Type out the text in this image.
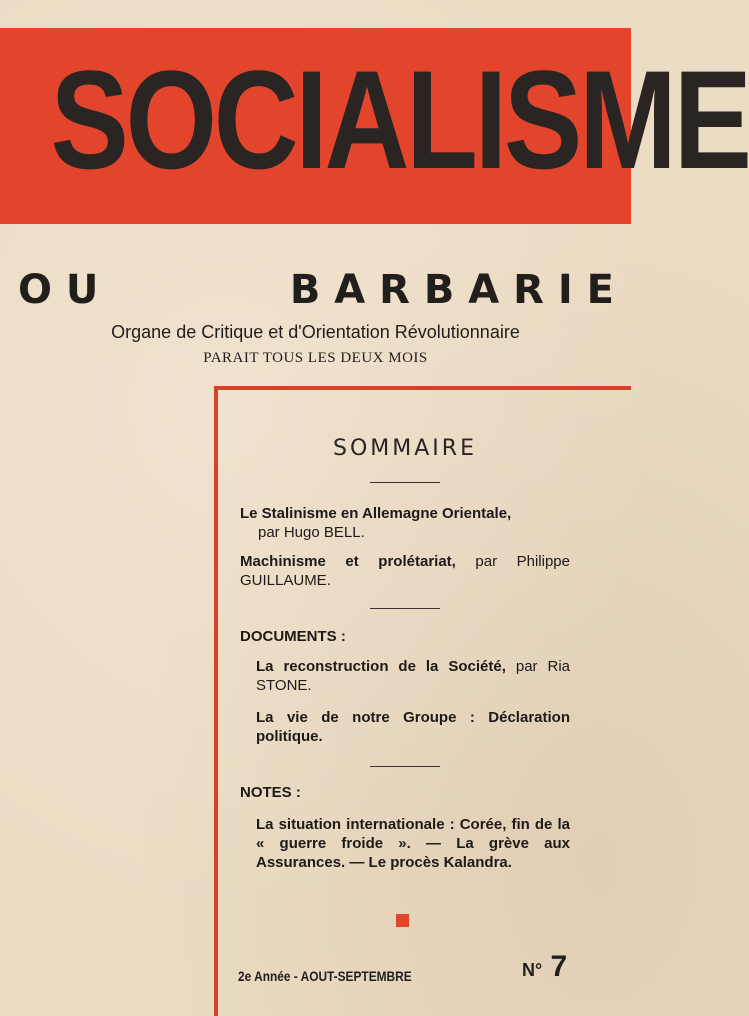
SOCIALISME
O U	B A R B A R I E
Organe de Critique et d'Orientation Révolutionnaire
PARAIT TOUS LES DEUX MOIS
SOMMAIRE
Le Stalinisme en Allemagne Orientale,
par Hugo BELL.
Machinisme et prolétariat, par Philippe GUILLAUME.
DOCUMENTS :
La reconstruction de la Société, par Ria STONE.
La vie de notre Groupe : Déclaration politique.
NOTES :
La situation internationale : Corée, fin de la « guerre froide ». — La grève aux Assurances. — Le procès Kalandra.
2e Année - AOUT-SEPTEMBRE	N° 7
